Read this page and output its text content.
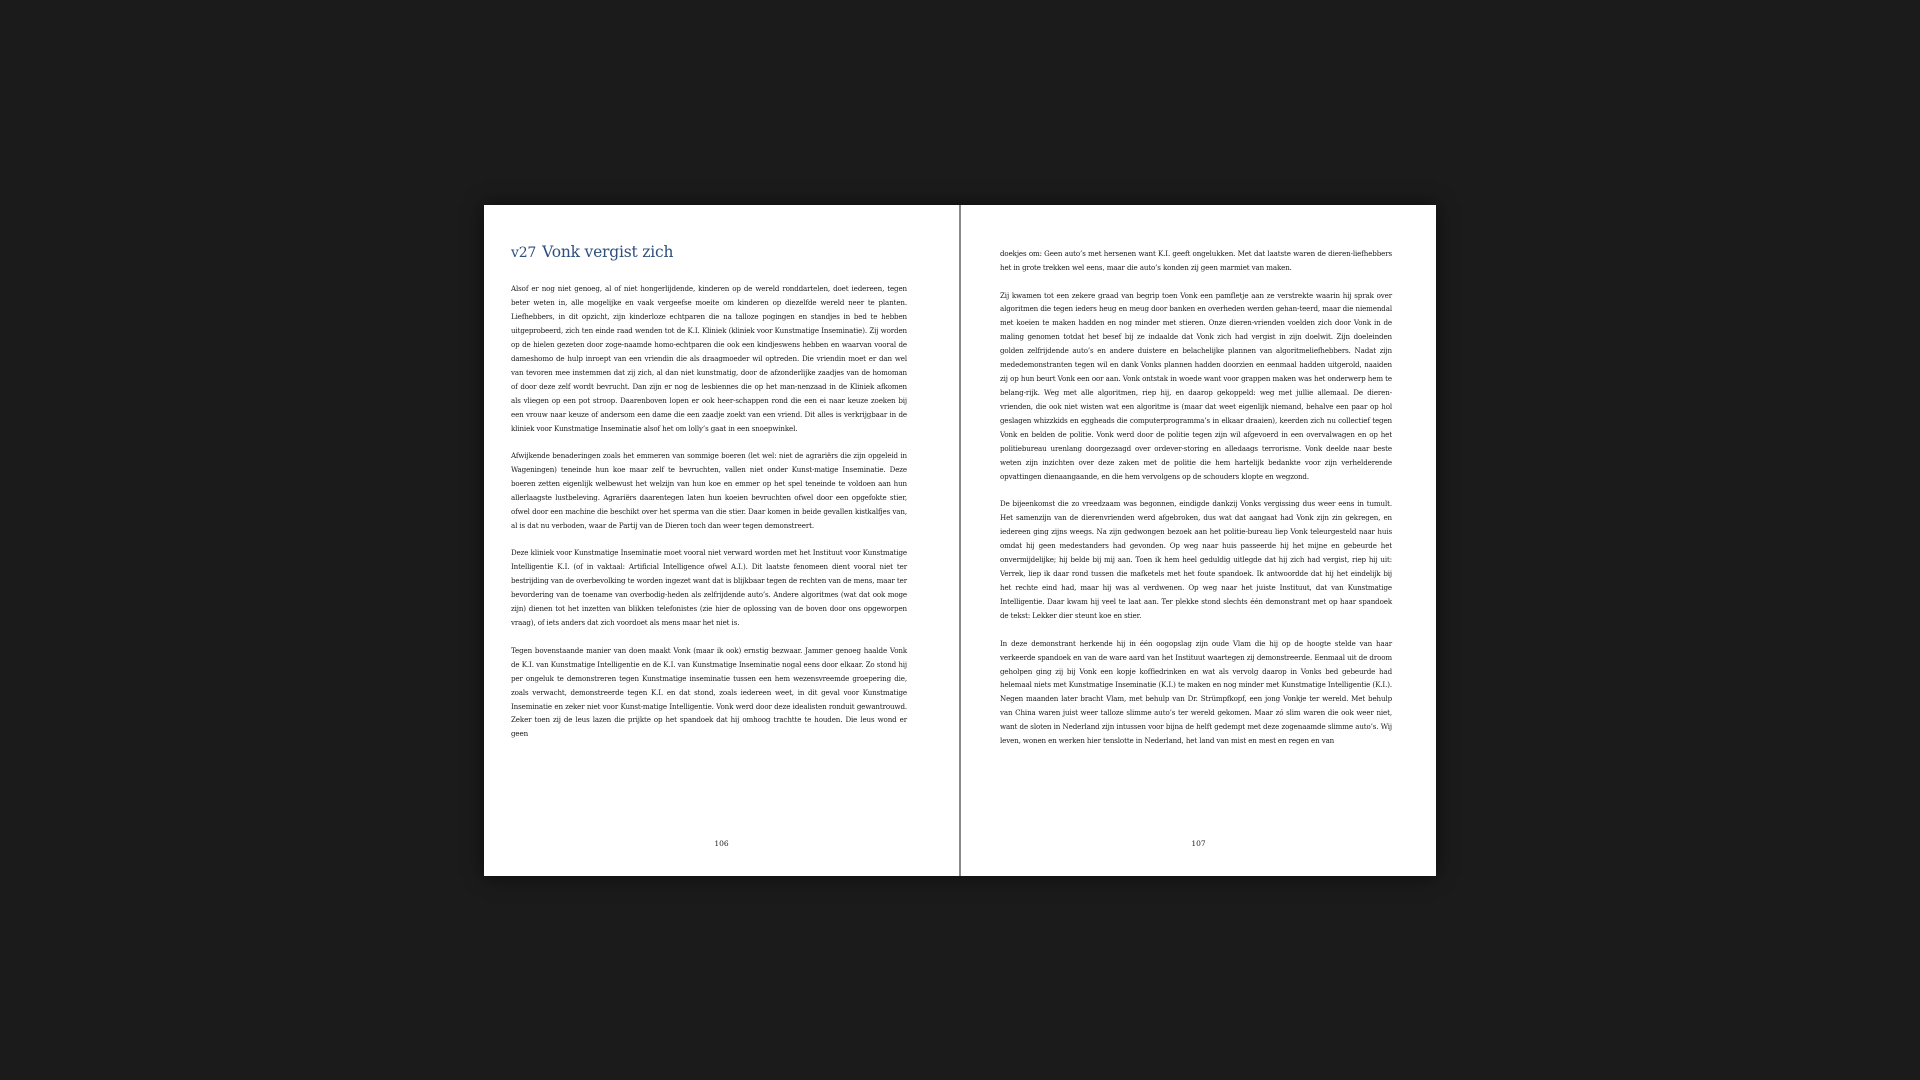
v27 Vonk vergist zich

Alsof er nog niet genoeg, al of niet hongerlijdende, kinderen op de wereld ronddartelen, doet iedereen, tegen beter weten in, alle mogelijke en vaak vergeefse moeite om kinderen op diezelfde wereld neer te planten. Liefhebbers, in dit opzicht, zijn kinderloze echtparen die na talloze pogingen en standjes in bed te hebben uitgeprobeerd, zich ten einde raad wenden tot de K.I. Kliniek (kliniek voor Kunstmatige Inseminatie). Zij worden op de hielen gezeten door zoge-naamde homo-echtparen die ook een kindjeswens hebben en waarvan vooral de dameshomo de hulp inroept van een vriendin die als draagmoeder wil optreden. Die vriendin moet er dan wel van tevoren mee instemmen dat zij zich, al dan niet kunstmatig, door de afzonderlijke zaadjes van de homoman of door deze zelf wordt bevrucht. Dan zijn er nog de lesbiennes die op het man-nenzaad in de Kliniek afkomen als vliegen op een pot stroop. Daarenboven lopen er ook heer-schappen rond die een ei naar keuze zoeken bij een vrouw naar keuze of andersom een dame die een zaadje zoekt van een vriend. Dit alles is verkrijgbaar in de kliniek voor Kunstmatige Inseminatie alsof het om lolly’s gaat in een snoepwinkel.

Afwijkende benaderingen zoals het emmeren van sommige boeren (let wel: niet de agrariërs die zijn opgeleid in Wageningen) teneinde hun koe maar zelf te bevruchten, vallen niet onder Kunst-matige Inseminatie. Deze boeren zetten eigenlijk welbewust het welzijn van hun koe en emmer op het spel teneinde te voldoen aan hun allerlaagste lustbeleving. Agrariërs daarentegen laten hun koeien bevruchten ofwel door een opgefokte stier, ofwel door een machine die beschikt over het sperma van die stier. Daar komen in beide gevallen kistkalfjes van, al is dat nu verboden, waar de Partij van de Dieren toch dan weer tegen demonstreert.

Deze kliniek voor Kunstmatige Inseminatie moet vooral niet verward worden met het Instituut voor Kunstmatige Intelligentie K.I. (of in vaktaal: Artificial Intelligence ofwel A.I.). Dit laatste fenomeen dient vooral niet ter bestrijding van de overbevolking te worden ingezet want dat is blijkbaar tegen de rechten van de mens, maar ter bevordering van de toename van overbodig-heden als zelfrijdende auto’s. Andere algoritmes (wat dat ook moge zijn) dienen tot het inzetten van blikken telefonistes (zie hier de oplossing van de boven door ons opgeworpen vraag), of iets anders dat zich voordoet als mens maar het niet is.

Tegen bovenstaande manier van doen maakt Vonk (maar ik ook) ernstig bezwaar. Jammer genoeg haalde Vonk de K.I. van Kunstmatige Intelligentie en de K.I. van Kunstmatige Inseminatie nogal eens door elkaar. Zo stond hij per ongeluk te demonstreren tegen Kunstmatige inseminatie tussen een hem wezensvreemde groepering die, zoals verwacht, demonstreerde tegen K.I. en dat stond, zoals iedereen weet, in dit geval voor Kunstmatige Inseminatie en zeker niet voor Kunst-matige Intelligentie. Vonk werd door deze idealisten ronduit gewantrouwd. Zeker toen zij de leus lazen die prijkte op het spandoek dat hij omhoog trachtte te houden. Die leus wond er geen

106

doekjes om: Geen auto’s met hersenen want K.I. geeft ongelukken. Met dat laatste waren de dieren-liefhebbers het in grote trekken wel eens, maar die auto’s konden zij geen marmiet van maken.

Zij kwamen tot een zekere graad van begrip toen Vonk een pamfletje aan ze verstrekte waarin hij sprak over algoritmen die tegen ieders heug en meug door banken en overheden werden gehan-teerd, maar die niemendal met koeien te maken hadden en nog minder met stieren. Onze dieren-vrienden voelden zich door Vonk in de maling genomen totdat het besef bij ze indaalde dat Vonk zich had vergist in zijn doelwit. Zijn doeleinden golden zelfrijdende auto’s en andere duistere en belachelijke plannen van algoritmeliefhebbers. Nadat zijn mededemonstranten tegen wil en dank Vonks plannen hadden doorzien en eenmaal hadden uitgerold, naaiden zij op hun beurt Vonk een oor aan. Vonk ontstak in woede want voor grappen maken was het onderwerp hem te belang-rijk. Weg met alle algoritmen, riep hij, en daarop gekoppeld: weg met jullie allemaal. De dieren-vrienden, die ook niet wisten wat een algoritme is (maar dat weet eigenlijk niemand, behalve een paar op hol geslagen whizzkids en eggheads die computerprogramma’s in elkaar draaien), keerden zich nu collectief tegen Vonk en belden de politie. Vonk werd door de politie tegen zijn wil afgevoerd in een overvalwagen en op het politiebureau urenlang doorgezaagd over ordever-storing en alledaags terrorisme. Vonk deelde naar beste weten zijn inzichten over deze zaken met de politie die hem hartelijk bedankte voor zijn verhelderende opvattingen dienaangaande, en die hem vervolgens op de schouders klopte en wegzond.

De bijeenkomst die zo vreedzaam was begonnen, eindigde dankzij Vonks vergissing dus weer eens in tumult. Het samenzijn van de dierenvrienden werd afgebroken, dus wat dat aangaat had Vonk zijn zin gekregen, en iedereen ging zijns weegs. Na zijn gedwongen bezoek aan het politie-bureau liep Vonk teleurgesteld naar huis omdat hij geen medestanders had gevonden. Op weg naar huis passeerde hij het mijne en gebeurde het onvermijdelijke; hij belde bij mij aan. Toen ik hem heel geduldig uitlegde dat hij zich had vergist, riep hij uit: Verrek, liep ik daar rond tussen die mafketels met het foute spandoek. Ik antwoordde dat hij het eindelijk bij het rechte eind had, maar hij was al verdwenen. Op weg naar het juiste Instituut, dat van Kunstmatige Intelligentie. Daar kwam hij veel te laat aan. Ter plekke stond slechts één demonstrant met op haar spandoek de tekst: Lekker dier steunt koe en stier.

In deze demonstrant herkende hij in één oogopslag zijn oude Vlam die hij op de hoogte stelde van haar verkeerde spandoek en van de ware aard van het Instituut waartegen zij demonstreerde. Eenmaal uit de droom geholpen ging zij bij Vonk een kopje koffiedrinken en wat als vervolg daarop in Vonks bed gebeurde had helemaal niets met Kunstmatige Inseminatie (K.I.) te maken en nog minder met Kunstmatige Intelligentie (K.I.). Negen maanden later bracht Vlam, met behulp van Dr. Strümpfkopf, een jong Vonkje ter wereld. Met behulp van China waren juist weer talloze slimme auto’s ter wereld gekomen. Maar zó slim waren die ook weer niet, want de sloten in Nederland zijn intussen voor bijna de helft gedempt met deze zogenaamde slimme auto’s. Wij leven, wonen en werken hier tenslotte in Nederland, het land van mist en mest en regen en van

107
